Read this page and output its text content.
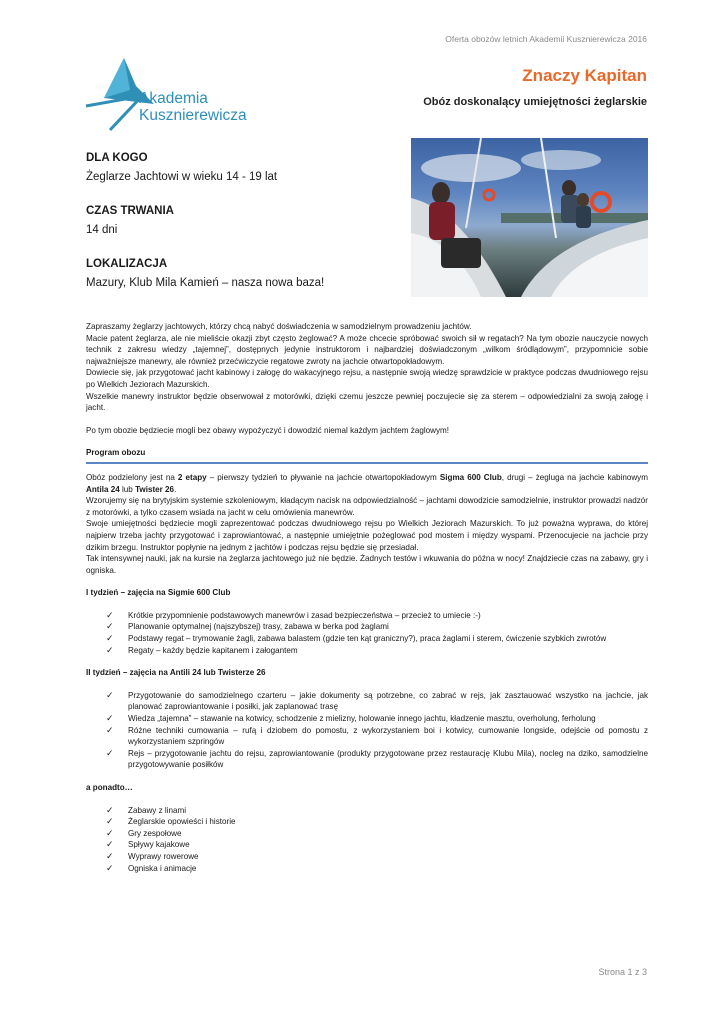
Oferta obozów letnich Akademii Kusznierewicza 2016
Akademia
Kusznierewicza
Znaczy Kapitan
Obóz doskonalący umiejętności żeglarskie
DLA KOGO
Żeglarze Jachtowi w wieku 14 - 19 lat
CZAS TRWANIA
14 dni
LOKALIZACJA
Mazury, Klub Mila Kamień – nasza nowa baza!

Zapraszamy żeglarzy jachtowych, którzy chcą nabyć doświadczenia w samodzielnym prowadzeniu jachtów.

Macie patent żeglarza, ale nie mieliście okazji zbyt często żeglować? A może chcecie spróbować swoich sił w regatach? Na tym obozie nauczycie nowych technik z zakresu wiedzy „tajemnej”, dostępnych jedynie instruktorom i najbardziej doświadczonym „wilkom śródlądowym”, przypomnicie sobie najważniejsze manewry, ale również przećwiczycie regatowe zwroty na jachcie otwartopokładowym.

Dowiecie się, jak przygotować jacht kabinowy i załogę do wakacyjnego rejsu, a następnie swoją wiedzę sprawdzicie w praktyce podczas dwudniowego rejsu po Wielkich Jeziorach Mazurskich.

Wszelkie manewry instruktor będzie obserwował z motorówki, dzięki czemu jeszcze pewniej poczujecie się za sterem – odpowiedzialni za swoją załogę i jacht.

Po tym obozie będziecie mogli bez obawy wypożyczyć i dowodzić niemal każdym jachtem żaglowym!

Program obozu

Obóz podzielony jest na 2 etapy – pierwszy tydzień to pływanie na jachcie otwartopokładowym Sigma 600 Club, drugi – żegluga na jachcie kabinowym Antila 24 lub Twister 26.

Wzorujemy się na brytyjskim systemie szkoleniowym, kładącym nacisk na odpowiedzialność – jachtami dowodzicie samodzielnie, instruktor prowadzi nadzór z motorówki, a tylko czasem wsiada na jacht w celu omówienia manewrów.

Swoje umiejętności będziecie mogli zaprezentować podczas dwudniowego rejsu po Wielkich Jeziorach Mazurskich. To już poważna wyprawa, do której najpierw trzeba jachty przygotować i zaprowiantować, a następnie umiejętnie pożeglować pod mostem i między wyspami. Przenocujecie na jachcie przy dzikim brzegu. Instruktor popłynie na jednym z jachtów i podczas rejsu będzie się przesiadał.

Tak intensywnej nauki, jak na kursie na żeglarza jachtowego już nie będzie. Żadnych testów i wkuwania do późna w nocy! Znajdziecie czas na zabawy, gry i ogniska.

I tydzień – zajęcia na Sigmie 600 Club

✓ Krótkie przypomnienie podstawowych manewrów i zasad bezpieczeństwa – przecież to umiecie :-)
✓ Planowanie optymalnej (najszybszej) trasy, zabawa w berka pod żaglami
✓ Podstawy regat – trymowanie żagli, zabawa balastem (gdzie ten kąt graniczny?), praca żaglami i sterem, ćwiczenie szybkich zwrotów
✓ Regaty – każdy będzie kapitanem i załogantem

II tydzień – zajęcia na Antili 24 lub Twisterze 26

✓ Przygotowanie do samodzielnego czarteru – jakie dokumenty są potrzebne, co zabrać w rejs, jak zasztauować wszystko na jachcie, jak planować zaprowiantowanie i posiłki, jak zaplanować trasę
✓ Wiedza „tajemna” – stawanie na kotwicy, schodzenie z mielizny, holowanie innego jachtu, kładzenie masztu, overholung, ferholung
✓ Różne techniki cumowania – rufą i dziobem do pomostu, z wykorzystaniem boi i kotwicy, cumowanie longside, odejście od pomostu z wykorzystaniem szpringów
✓ Rejs – przygotowanie jachtu do rejsu, zaprowiantowanie (produkty przygotowane przez restaurację Klubu Mila), nocleg na dziko, samodzielne przygotowywanie posiłków

a ponadto…

✓ Zabawy z linami
✓ Żeglarskie opowieści i historie
✓ Gry zespołowe
✓ Spływy kajakowe
✓ Wyprawy rowerowe
✓ Ogniska i animacje
Strona 1 z 3
